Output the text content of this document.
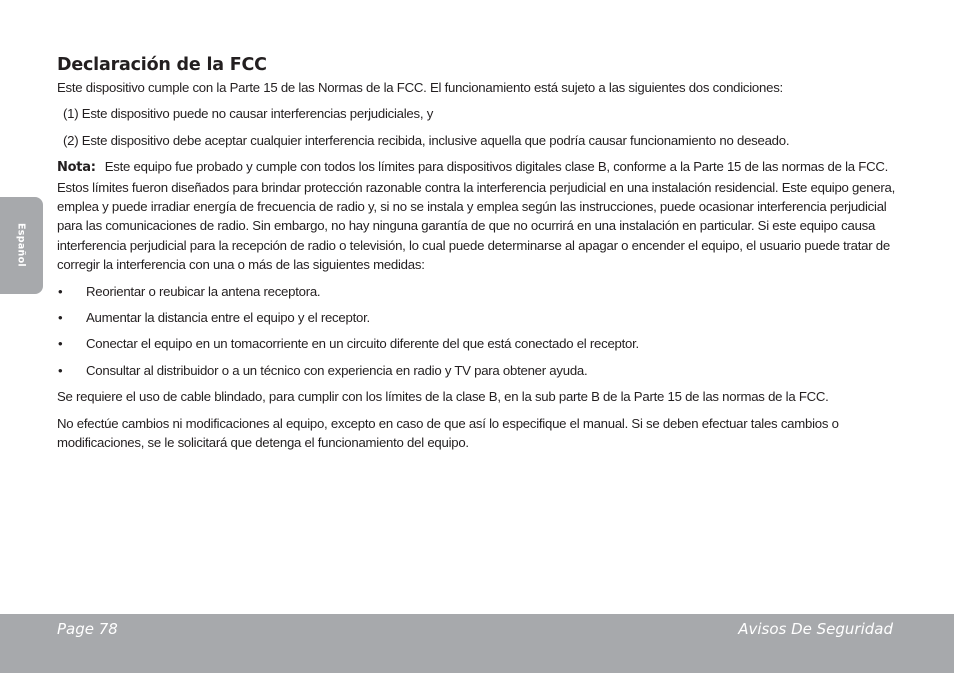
Español
Declaración de la FCC

Este dispositivo cumple con la Parte 15 de las Normas de la FCC. El funcionamiento está sujeto a las siguientes dos condiciones:

(1) Este dispositivo puede no causar interferencias perjudiciales, y

(2) Este dispositivo debe aceptar cualquier interferencia recibida, inclusive aquella que podría causar funcionamiento no deseado.

Nota: Este equipo fue probado y cumple con todos los límites para dispositivos digitales clase B, conforme a la Parte 15 de las normas de la FCC. Estos límites fueron diseñados para brindar protección razonable contra la interferencia perjudicial en una instalación residencial. Este equipo genera, emplea y puede irradiar energía de frecuencia de radio y, si no se instala y emplea según las instrucciones, puede ocasionar interferencia perjudicial para las comunicaciones de radio. Sin embargo, no hay ninguna garantía de que no ocurrirá en una instalación en particular. Si este equipo causa interferencia perjudicial para la recepción de radio o televisión, lo cual puede determinarse al apagar o encender el equipo, el usuario puede tratar de corregir la interferencia con una o más de las siguientes medidas:

• Reorientar o reubicar la antena receptora.
• Aumentar la distancia entre el equipo y el receptor.
• Conectar el equipo en un tomacorriente en un circuito diferente del que está conectado el receptor.
• Consultar al distribuidor o a un técnico con experiencia en radio y TV para obtener ayuda.

Se requiere el uso de cable blindado, para cumplir con los límites de la clase B, en la sub parte B de la Parte 15 de las normas de la FCC.

No efectúe cambios ni modificaciones al equipo, excepto en caso de que así lo especifique el manual. Si se deben efectuar tales cambios o modificaciones, se le solicitará que detenga el funcionamiento del equipo.

Page 78	Avisos De Seguridad
